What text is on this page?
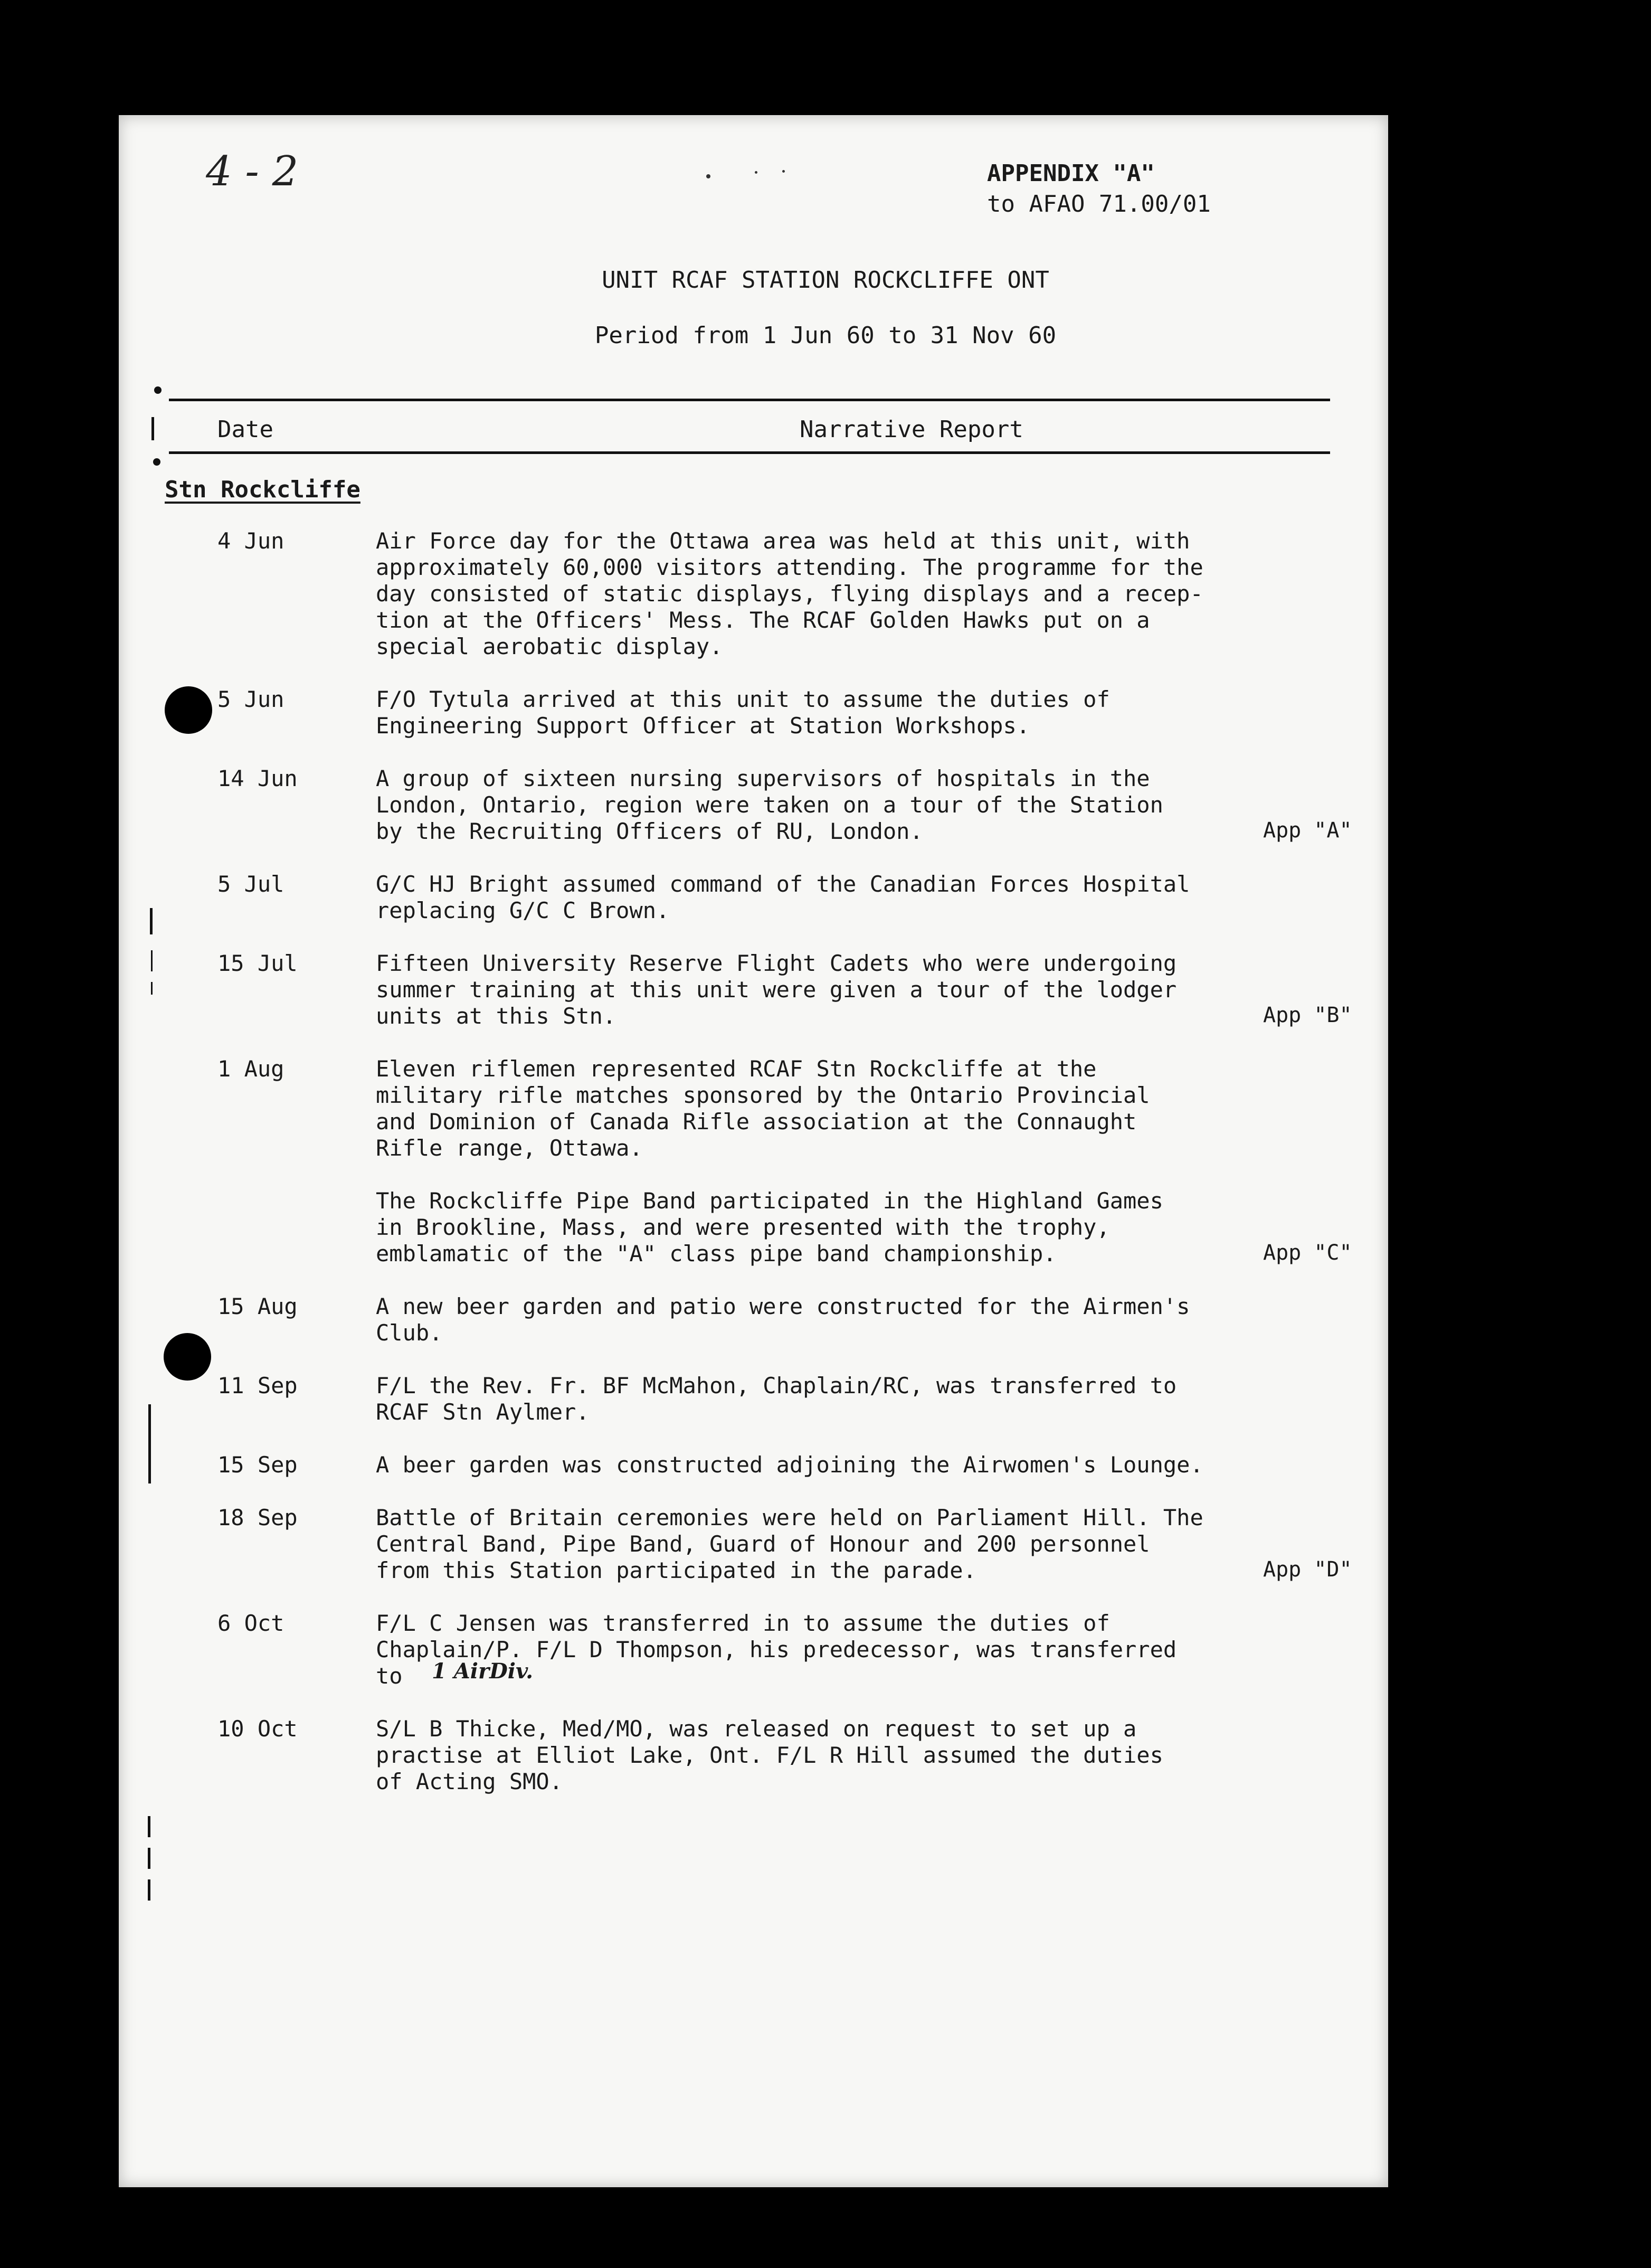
4 - 2	APPENDIX "A"
to AFAO 71.00/01
UNIT RCAF STATION ROCKCLIFFE ONT
Period from 1 Jun 60 to 31 Nov 60
Date	Narrative Report
Stn Rockcliffe
4 Jun	Air Force day for the Ottawa area was held at this unit, with
approximately 60,000 visitors attending. The programme for the
day consisted of static displays, flying displays and a recep-
tion at the Officers' Mess. The RCAF Golden Hawks put on a
special aerobatic display.
5 Jun	F/O Tytula arrived at this unit to assume the duties of
Engineering Support Officer at Station Workshops.
14 Jun	A group of sixteen nursing supervisors of hospitals in the
London, Ontario, region were taken on a tour of the Station
by the Recruiting Officers of RU, London.	App "A"
5 Jul	G/C HJ Bright assumed command of the Canadian Forces Hospital
replacing G/C C Brown.
15 Jul	Fifteen University Reserve Flight Cadets who were undergoing
summer training at this unit were given a tour of the lodger
units at this Stn.	App "B"
1 Aug	Eleven riflemen represented RCAF Stn Rockcliffe at the
military rifle matches sponsored by the Ontario Provincial
and Dominion of Canada Rifle association at the Connaught
Rifle range, Ottawa.
The Rockcliffe Pipe Band participated in the Highland Games
in Brookline, Mass, and were presented with the trophy,
emblamatic of the "A" class pipe band championship.	App "C"
15 Aug	A new beer garden and patio were constructed for the Airmen's
Club.
11 Sep	F/L the Rev. Fr. BF McMahon, Chaplain/RC, was transferred to
RCAF Stn Aylmer.
15 Sep	A beer garden was constructed adjoining the Airwomen's Lounge.
18 Sep	Battle of Britain ceremonies were held on Parliament Hill. The
Central Band, Pipe Band, Guard of Honour and 200 personnel
from this Station participated in the parade.	App "D"
6 Oct	F/L C Jensen was transferred in to assume the duties of
Chaplain/P. F/L D Thompson, his predecessor, was transferred
to	1 AirDiv.
10 Oct	S/L B Thicke, Med/MO, was released on request to set up a
practise at Elliot Lake, Ont. F/L R Hill assumed the duties
of Acting SMO.
